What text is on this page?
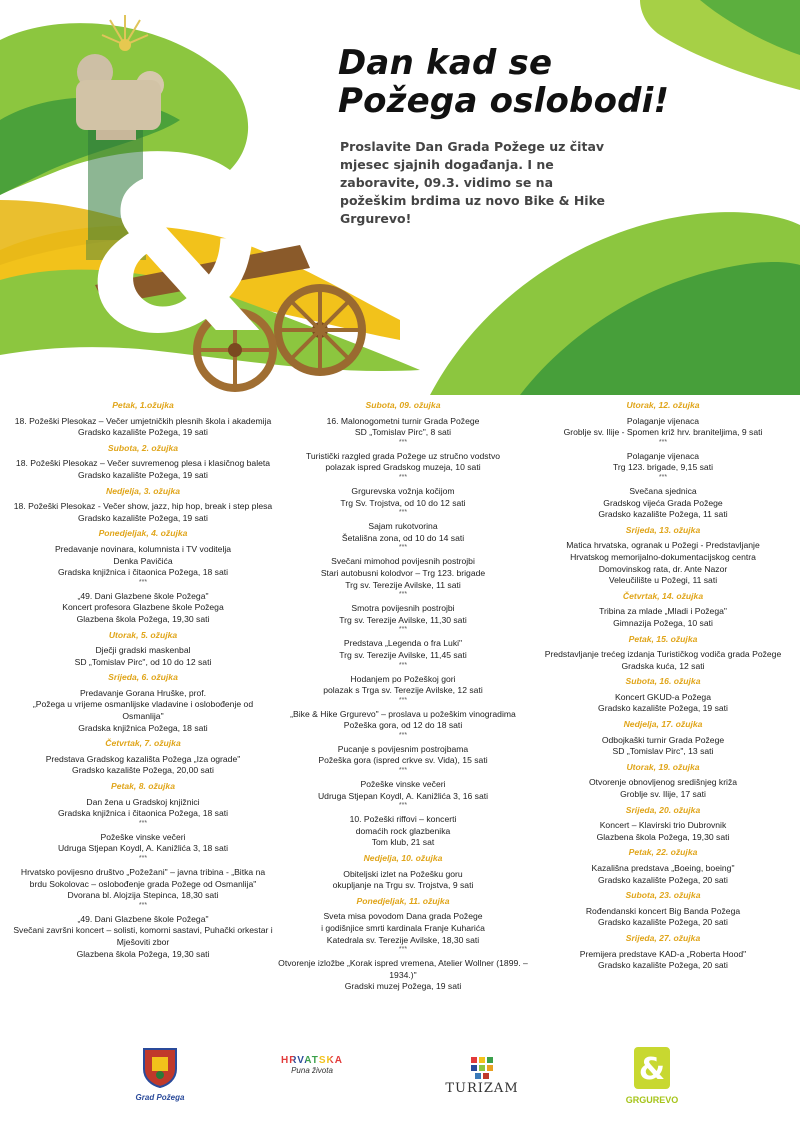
&
Dan kad se
Požega oslobodi!
Proslavite Dan Grada Požege uz čitav mjesec sjajnih događanja. I ne zaboravite, 09.3. vidimo se na požeškim brdima uz novo Bike & Hike Grgurevo!
Petak, 1.ožujka
18. Požeški Plesokaz – Večer umjetničkih plesnih škola i akademija
Gradsko kazalište Požega, 19 sati
Subota, 2. ožujka
18. Požeški Plesokaz – Večer suvremenog plesa i klasičnog baleta
Gradsko kazalište Požega, 19 sati
Nedjelja, 3. ožujka
18. Požeški Plesokaz - Večer show, jazz, hip hop, break i step plesa
Gradsko kazalište Požega, 19 sati
Ponedjeljak, 4. ožujka
Predavanje novinara, kolumnista i TV voditelja
Denka Pavičića
Gradska knjižnica i čitaonica Požega, 18 sati
***
„49. Dani Glazbene škole Požega"
Koncert profesora Glazbene škole Požega
Glazbena škola Požega, 19,30 sati
Utorak, 5. ožujka
Dječji gradski maskenbal
SD „Tomislav Pirc", od 10 do 12 sati
Srijeda, 6. ožujka
Predavanje Gorana Hruške, prof.
„Požega u vrijeme osmanlijske vladavine i oslobođenje od Osmanlija"
Gradska knjižnica Požega, 18 sati
Četvrtak, 7. ožujka
Predstava Gradskog kazališta Požega „Iza ograde"
Gradsko kazalište Požega, 20,00 sati
Petak, 8. ožujka
Dan žena u Gradskoj knjižnici
Gradska knjižnica i čitaonica Požega, 18 sati
***
Požeške vinske večeri
Udruga Stjepan Koydl, A. Kanižlića 3, 18 sati
***
Hrvatsko povijesno društvo „Požežani" – javna tribina - „Bitka na brdu Sokolovac – oslobođenje grada Požege od Osmanlija"
Dvorana bl. Alojzija Stepinca, 18,30 sati
***
„49. Dani Glazbene škole Požega"
Svečani završni koncert – solisti, komorni sastavi, Puhački orkestar i Mješoviti zbor
Glazbena škola Požega, 19,30 sati
Subota, 09. ožujka
16. Malonogometni turnir Grada Požege
SD „Tomislav Pirc", 8 sati
***
Turistički razgled grada Požege uz stručno vodstvo
polazak ispred Gradskog muzeja, 10 sati
***
Grgurevska vožnja kočijom
Trg Sv. Trojstva, od 10 do 12 sati
***
Sajam rukotvorina
Šetališna zona, od 10 do 14 sati
***
Svečani mimohod povijesnih postrojbi
Stari autobusni kolodvor – Trg 123. brigade
Trg sv. Terezije Avilske, 11 sati
***
Smotra povijesnih postrojbi
Trg sv. Terezije Avilske, 11,30 sati
***
Predstava „Legenda o fra Luki"
Trg sv. Terezije Avilske, 11,45 sati
***
Hodanjem po Požeškoj gori
polazak s Trga sv. Terezije Avilske, 12 sati
***
„Bike & Hike Grgurevo" – proslava u požeškim vinogradima
Požeška gora, od 12 do 18 sati
***
Pucanje s povijesnim postrojbama
Požeška gora (ispred crkve sv. Vida), 15 sati
***
Požeške vinske večeri
Udruga Stjepan Koydl, A. Kanižlića 3, 16 sati
***
10. Požeški riffovi – koncerti
domaćih rock glazbenika
Tom klub, 21 sat
Nedjelja, 10. ožujka
Obiteljski izlet na Požešku goru
okupljanje na Trgu sv. Trojstva, 9 sati
Ponedjeljak, 11. ožujka
Sveta misa povodom Dana grada Požege
i godišnjice smrti kardinala Franje Kuharića
Katedrala sv. Terezije Avilske, 18,30 sati
***
Otvorenje izložbe „Korak ispred vremena, Atelier Wollner (1899. – 1934.)"
Gradski muzej Požega, 19 sati
Utorak, 12. ožujka
Polaganje vijenaca
Groblje sv. Ilije - Spomen križ hrv. braniteljima, 9 sati
***
Polaganje vijenaca
Trg 123. brigade, 9,15 sati
***
Svečana sjednica
Gradskog vijeća Grada Požege
Gradsko kazalište Požega, 11 sati
Srijeda, 13. ožujka
Matica hrvatska, ogranak u Požegi - Predstavljanje
Hrvatskog memorijalno-dokumentacijskog centra
Domovinskog rata, dr. Ante Nazor
Veleučilište u Požegi, 11 sati
Četvrtak, 14. ožujka
Tribina za mlade „Mladi i Požega"
Gimnazija Požega, 10 sati
Petak, 15. ožujka
Predstavljanje trećeg izdanja Turističkog vodiča grada Požege
Gradska kuća, 12 sati
Subota, 16. ožujka
Koncert GKUD-a Požega
Gradsko kazalište Požega, 19 sati
Nedjelja, 17. ožujka
Odbojkaški turnir Grada Požege
SD „Tomislav Pirc", 13 sati
Utorak, 19. ožujka
Otvorenje obnovljenog središnjeg križa
Groblje sv. Ilije, 17 sati
Srijeda, 20. ožujka
Koncert – Klavirski trio Dubrovnik
Glazbena škola Požega, 19,30 sati
Petak, 22. ožujka
Kazališna predstava „Boeing, boeing"
Gradsko kazalište Požega, 20 sati
Subota, 23. ožujka
Rođendanski koncert Big Banda Požega
Gradsko kazalište Požega, 20 sati
Srijeda, 27. ožujka
Premijera predstave KAD-a „Roberta Hood"
Gradsko kazalište Požega, 20 sati
Grad Požega
HRVATSKA
Puna života
TURIZAM
&
GRGUREVO
